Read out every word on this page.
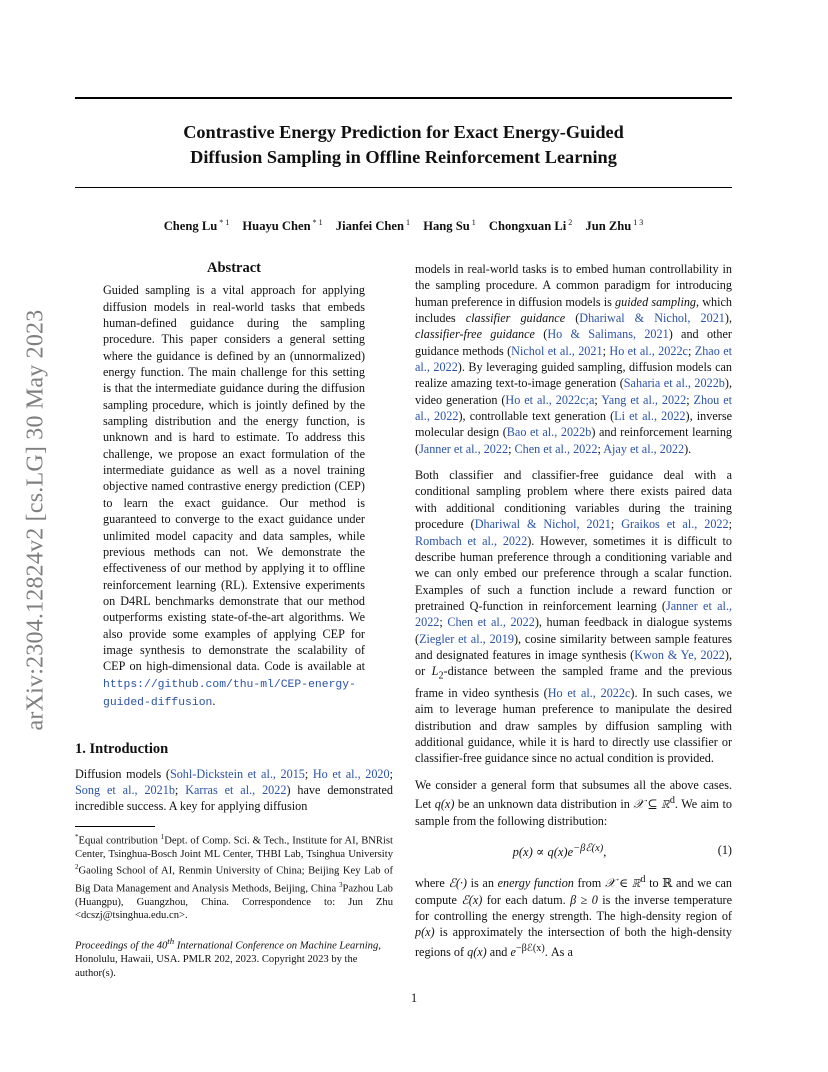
arXiv:2304.12824v2 [cs.LG] 30 May 2023
Contrastive Energy Prediction for Exact Energy-Guided
Diffusion Sampling in Offline Reinforcement Learning
Cheng Lu $^{* 1}$ Huayu Chen $^{* 1}$ Jianfei Chen $^1$ Hang Su $^1$ Chongxuan Li $^2$ Jun Zhu $^{1 3}$
Abstract

Guided sampling is a vital approach for applying diffusion models in real-world tasks that embeds human-defined guidance during the sampling procedure. This paper considers a general setting where the guidance is defined by an (unnormalized) energy function. The main challenge for this setting is that the intermediate guidance during the diffusion sampling procedure, which is jointly defined by the sampling distribution and the energy function, is unknown and is hard to estimate. To address this challenge, we propose an exact formulation of the intermediate guidance as well as a novel training objective named contrastive energy prediction (CEP) to learn the exact guidance. Our method is guaranteed to converge to the exact guidance under unlimited model capacity and data samples, while previous methods can not. We demonstrate the effectiveness of our method by applying it to offline reinforcement learning (RL). Extensive experiments on D4RL benchmarks demonstrate that our method outperforms existing state-of-the-art algorithms. We also provide some examples of applying CEP for image synthesis to demonstrate the scalability of CEP on high-dimensional data. Code is available at https://github.com/thu-ml/CEP-energy-guided-diffusion.

1. Introduction

Diffusion models (Sohl-Dickstein et al., 2015; Ho et al., 2020; Song et al., 2021b; Karras et al., 2022) have demonstrated incredible success. A key for applying diffusion

*Equal contribution $^1$Dept. of Comp. Sci. & Tech., Institute for AI, BNRist Center, Tsinghua-Bosch Joint ML Center, THBI Lab, Tsinghua University $^2$Gaoling School of AI, Renmin University of China; Beijing Key Lab of Big Data Management and Analysis Methods, Beijing, China $^3$Pazhou Lab (Huangpu), Guangzhou, China. Correspondence to: Jun Zhu <dcszj@tsinghua.edu.cn>.
Proceedings of the 40th International Conference on Machine Learning, Honolulu, Hawaii, USA. PMLR 202, 2023. Copyright 2023 by the author(s).

models in real-world tasks is to embed human controllability in the sampling procedure. A common paradigm for introducing human preference in diffusion models is guided sampling, which includes classifier guidance (Dhariwal & Nichol, 2021), classifier-free guidance (Ho & Salimans, 2021) and other guidance methods (Nichol et al., 2021; Ho et al., 2022c; Zhao et al., 2022). By leveraging guided sampling, diffusion models can realize amazing text-to-image generation (Saharia et al., 2022b), video generation (Ho et al., 2022c;a; Yang et al., 2022; Zhou et al., 2022), controllable text generation (Li et al., 2022), inverse molecular design (Bao et al., 2022b) and reinforcement learning (Janner et al., 2022; Chen et al., 2022; Ajay et al., 2022).

Both classifier and classifier-free guidance deal with a conditional sampling problem where there exists paired data with additional conditioning variables during the training procedure (Dhariwal & Nichol, 2021; Graikos et al., 2022; Rombach et al., 2022). However, sometimes it is difficult to describe human preference through a conditioning variable and we can only embed our preference through a scalar function. Examples of such a function include a reward function or pretrained Q-function in reinforcement learning (Janner et al., 2022; Chen et al., 2022), human feedback in dialogue systems (Ziegler et al., 2019), cosine similarity between sample features and designated features in image synthesis (Kwon & Ye, 2022), or $L_2$-distance between the sampled frame and the previous frame in video synthesis (Ho et al., 2022c). In such cases, we aim to leverage human preference to manipulate the desired distribution and draw samples by diffusion sampling with additional guidance, while it is hard to directly use classifier or classifier-free guidance since no actual condition is provided.

We consider a general form that subsumes all the above cases. Let q(x) be an unknown data distribution in 𝒳 ⊆ ℝ$^d$. We aim to sample from the following distribution:

$p(x) \propto q(x)e^{-\beta ℰ(x)}$,	(1)

where ℰ(·) is an energy function from 𝒳 ∈ ℝ$^d$ to ℝ and we can compute ℰ(x) for each datum. β ≥ 0 is the inverse temperature for controlling the energy strength. The high-density region of p(x) is approximately the intersection of both the high-density regions of q(x) and $e^{-\beta ℰ(x)}$. As a

1
